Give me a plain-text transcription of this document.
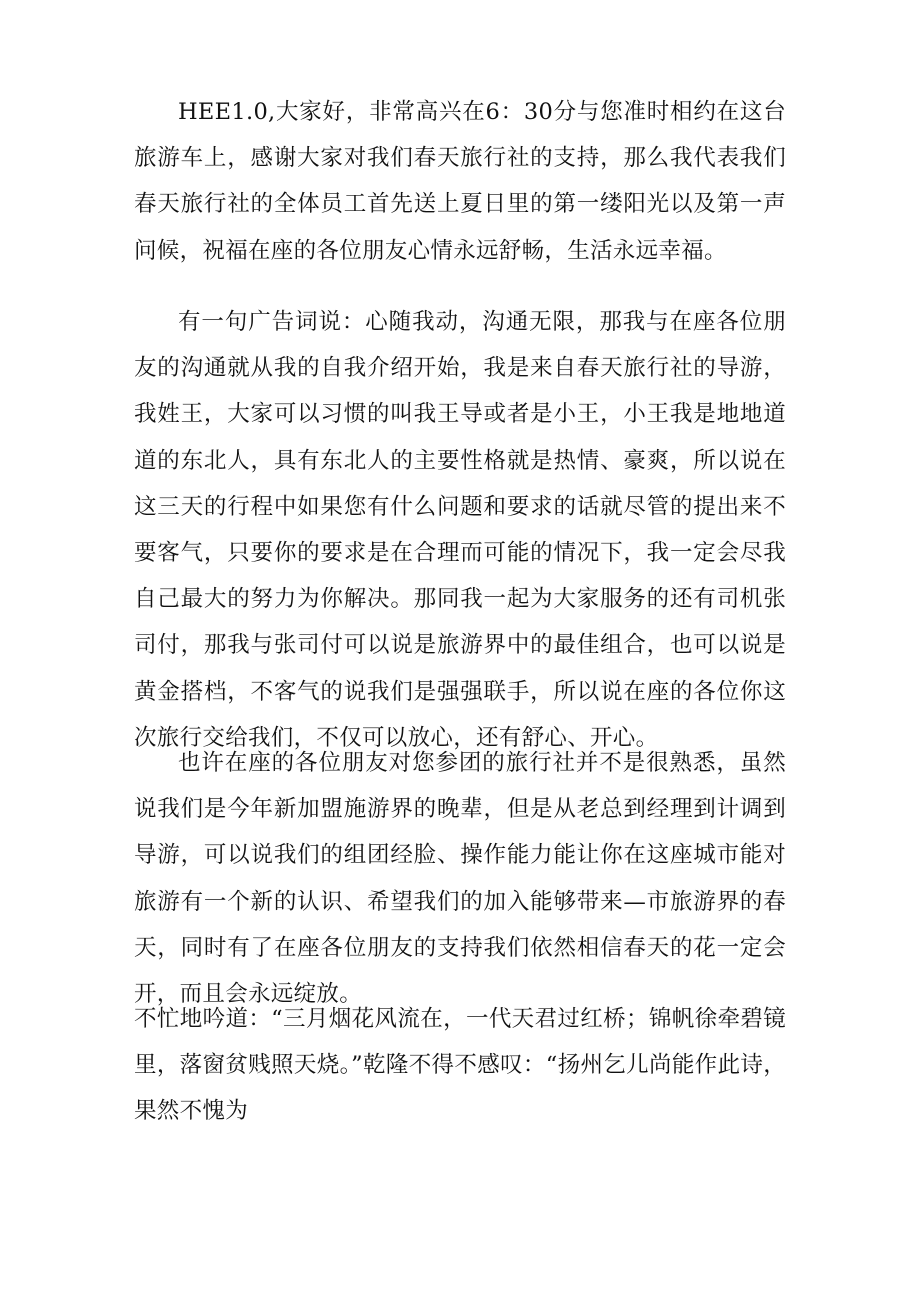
HEE1.0,大家好，非常高兴在6：30分与您准时相约在这台旅游车上，感谢大家对我们春天旅行社的支持，那么我代表我们春天旅行社的全体员工首先送上夏日里的第一缕阳光以及第一声问候，祝福在座的各位朋友心情永远舒畅，生活永远幸福。

有一句广告词说：心随我动，沟通无限，那我与在座各位朋友的沟通就从我的自我介绍开始，我是来自春天旅行社的导游，我姓王，大家可以习惯的叫我王导或者是小王，小王我是地地道道的东北人，具有东北人的主要性格就是热情、豪爽，所以说在这三天的行程中如果您有什么问题和要求的话就尽管的提出来不要客气，只要你的要求是在合理而可能的情况下，我一定会尽我自己最大的努力为你解决。那同我一起为大家服务的还有司机张司付，那我与张司付可以说是旅游界中的最佳组合，也可以说是黄金搭档，不客气的说我们是强强联手，所以说在座的各位你这次旅行交给我们，不仅可以放心，还有舒心、开心。

也许在座的各位朋友对您参团的旅行社并不是很熟悉，虽然说我们是今年新加盟施游界的晚辈，但是从老总到经理到计调到导游，可以说我们的组团经脸、操作能力能让你在这座城市能对旅游有一个新的认识、希望我们的加入能够带来—市旅游界的春天，同时有了在座各位朋友的支持我们依然相信春天的花一定会开，而且会永远绽放。

不忙地吟道：“三月烟花风流在，一代天君过红桥；锦帆徐牵碧镜里，落窗贫贱照天烧。”乾隆不得不感叹：“扬州乞儿尚能作此诗，果然不愧为
